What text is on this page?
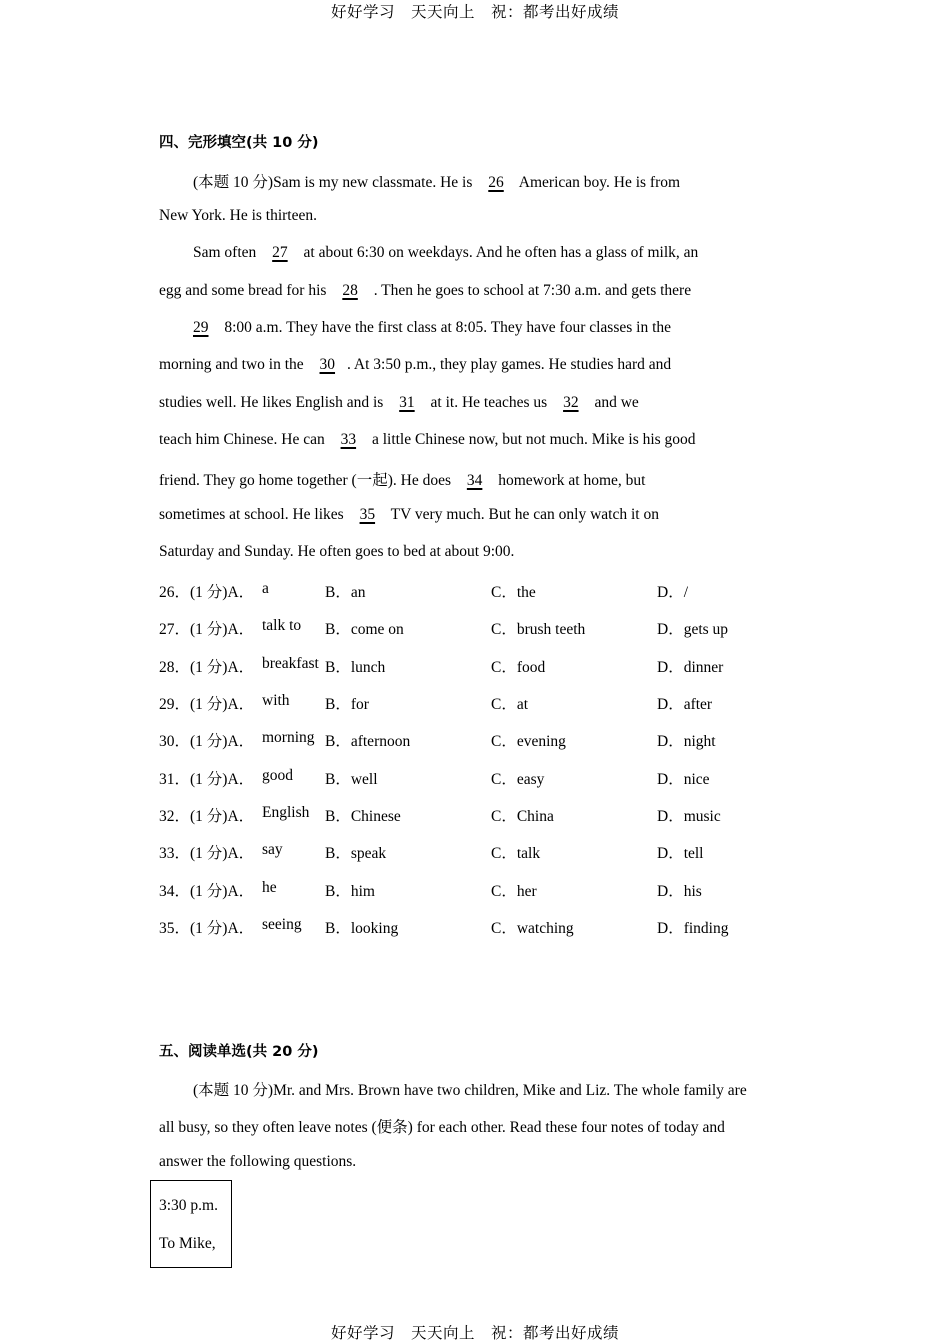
好好学习　天天向上　祝：都考出好成绩
四、完形填空(共 10 分)
(本题 10 分)Sam is my new classmate. He is 26 American boy. He is from
New York. He is thirteen.
Sam often 27 at about 6:30 on weekdays. And he often has a glass of milk, an
egg and some bread for his 28 . Then he goes to school at 7:30 a.m. and gets there
29 8:00 a.m. They have the first class at 8:05. They have four classes in the
morning and two in the 30 . At 3:50 p.m., they play games. He studies hard and
studies well. He likes English and is 31 at it. He teaches us 32 and we
teach him Chinese. He can 33 a little Chinese now, but not much. Mike is his good
friend. They go home together (一起). He does 34 homework at home, but
sometimes at school. He likes 35 TV very much. But he can only watch it on
Saturday and Sunday. He often goes to bed at about 9:00.
26．(1 分)A． a	B．an	C．the	D．/
27．(1 分)A． talk to B．come on	C．brush teeth	D．gets up
28．(1 分)A． breakfast B．lunch	C．food	D．dinner
29．(1 分)A． with B．for	C．at	D．after
30．(1 分)A． morning B．afternoon	C．evening	D．night
31．(1 分)A． good B．well	C．easy	D．nice
32．(1 分)A． English B．Chinese	C．China	D．music
33．(1 分)A． say	B．speak	C．talk	D．tell
34．(1 分)A． he	B．him	C．her	D．his
35．(1 分)A． seeing B．looking	C．watching	D．finding
五、阅读单选(共 20 分)
(本题 10 分)Mr. and Mrs. Brown have two children, Mike and Liz. The whole family are
all busy, so they often leave notes (便条) for each other. Read these four notes of today and
answer the following questions.
3:30 p.m.
To Mike,
好好学习　天天向上　祝：都考出好成绩
